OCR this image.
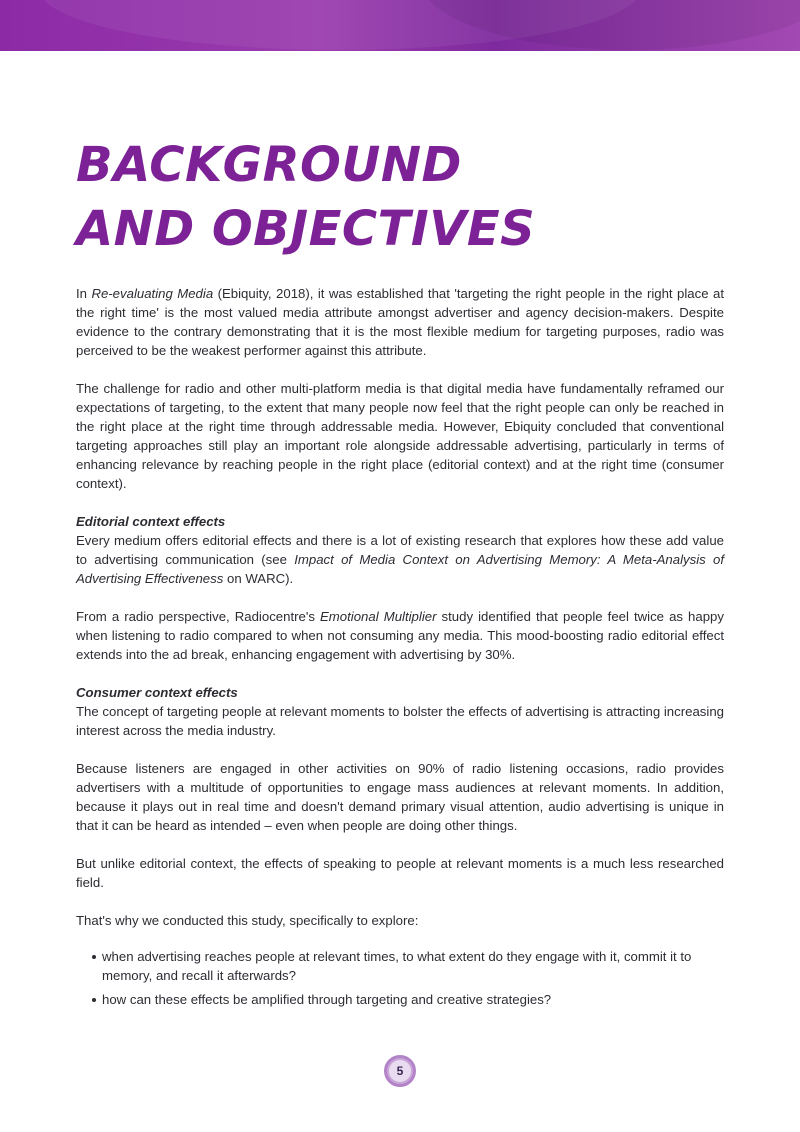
BACKGROUND
AND OBJECTIVES

In Re-evaluating Media (Ebiquity, 2018), it was established that 'targeting the right people in the right place at the right time' is the most valued media attribute amongst advertiser and agency decision-makers. Despite evidence to the contrary demonstrating that it is the most flexible medium for targeting purposes, radio was perceived to be the weakest performer against this attribute.

The challenge for radio and other multi-platform media is that digital media have fundamentally reframed our expectations of targeting, to the extent that many people now feel that the right people can only be reached in the right place at the right time through addressable media. However, Ebiquity concluded that conventional targeting approaches still play an important role alongside addressable advertising, particularly in terms of enhancing relevance by reaching people in the right place (editorial context) and at the right time (consumer context).

Editorial context effects

Every medium offers editorial effects and there is a lot of existing research that explores how these add value to advertising communication (see Impact of Media Context on Advertising Memory: A Meta-Analysis of Advertising Effectiveness on WARC).

From a radio perspective, Radiocentre's Emotional Multiplier study identified that people feel twice as happy when listening to radio compared to when not consuming any media. This mood-boosting radio editorial effect extends into the ad break, enhancing engagement with advertising by 30%.

Consumer context effects

The concept of targeting people at relevant moments to bolster the effects of advertising is attracting increasing interest across the media industry.

Because listeners are engaged in other activities on 90% of radio listening occasions, radio provides advertisers with a multitude of opportunities to engage mass audiences at relevant moments. In addition, because it plays out in real time and doesn't demand primary visual attention, audio advertising is unique in that it can be heard as intended – even when people are doing other things.

But unlike editorial context, the effects of speaking to people at relevant moments is a much less researched field.

That's why we conducted this study, specifically to explore:

when advertising reaches people at relevant times, to what extent do they engage with it, commit it to memory, and recall it afterwards?
how can these effects be amplified through targeting and creative strategies?
5
